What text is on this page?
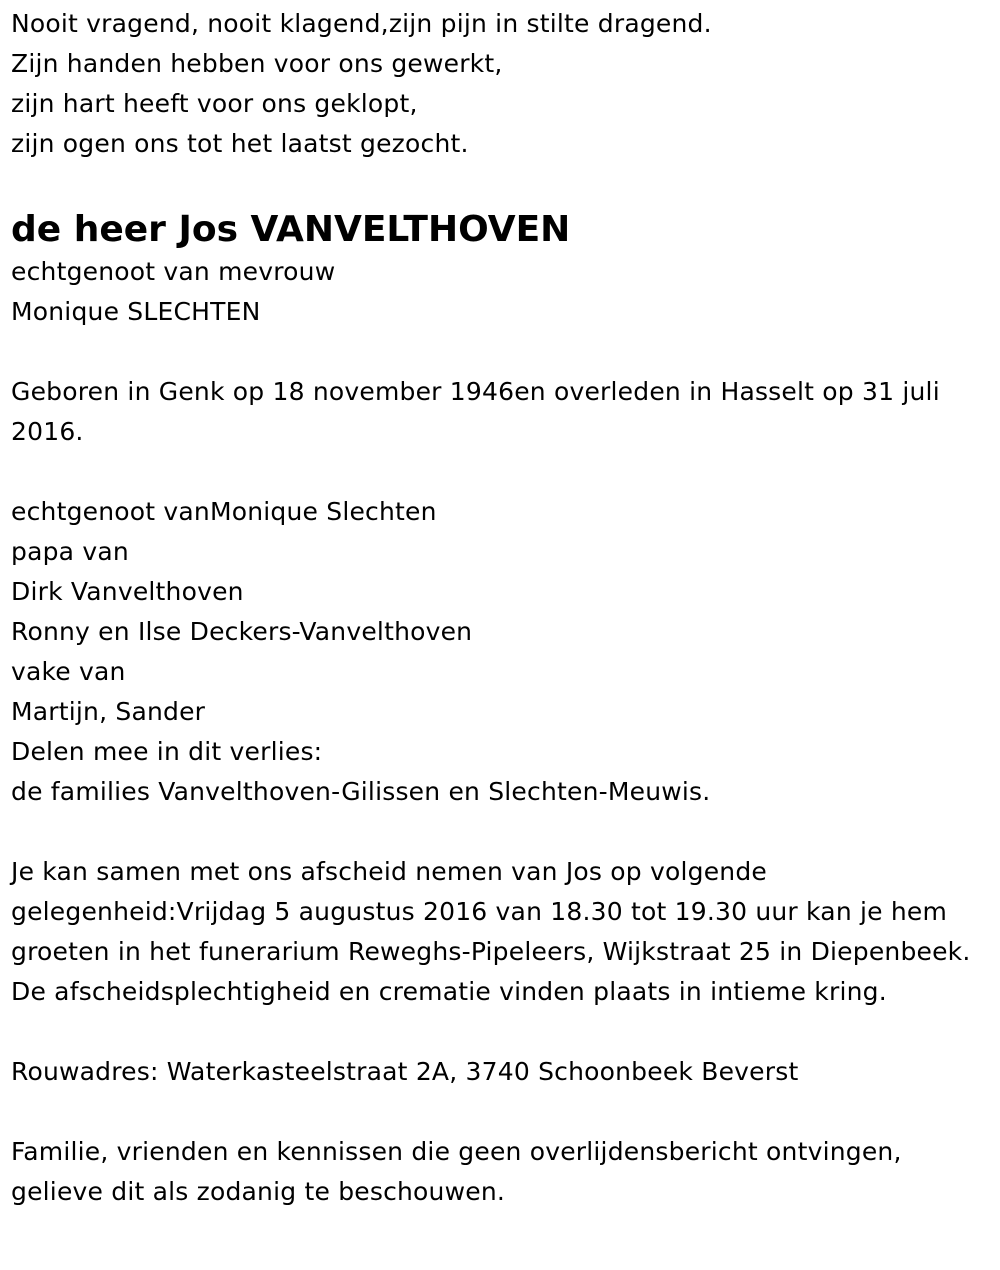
Nooit vragend, nooit klagend,zijn pijn in stilte dragend.
Zijn handen hebben voor ons gewerkt,
zijn hart heeft voor ons geklopt,
zijn ogen ons tot het laatst gezocht.
de heer Jos VANVELTHOVEN
echtgenoot van mevrouw
Monique SLECHTEN

Geboren in Genk op 18 november 1946en overleden in Hasselt op 31 juli 2016.

echtgenoot vanMonique Slechten
papa van
Dirk Vanvelthoven
Ronny en Ilse Deckers-Vanvelthoven
vake van
Martijn, Sander
Delen mee in dit verlies:
de families Vanvelthoven-Gilissen en Slechten-Meuwis.

Je kan samen met ons afscheid nemen van Jos op volgende gelegenheid:Vrijdag 5 augustus 2016 van 18.30 tot 19.30 uur kan je hem groeten in het funerarium Reweghs-Pipeleers, Wijkstraat 25 in Diepenbeek.

De afscheidsplechtigheid en crematie vinden plaats in intieme kring.

Rouwadres: Waterkasteelstraat 2A, 3740 Schoonbeek Beverst

Familie, vrienden en kennissen die geen overlijdensbericht ontvingen, gelieve dit als zodanig te beschouwen.
